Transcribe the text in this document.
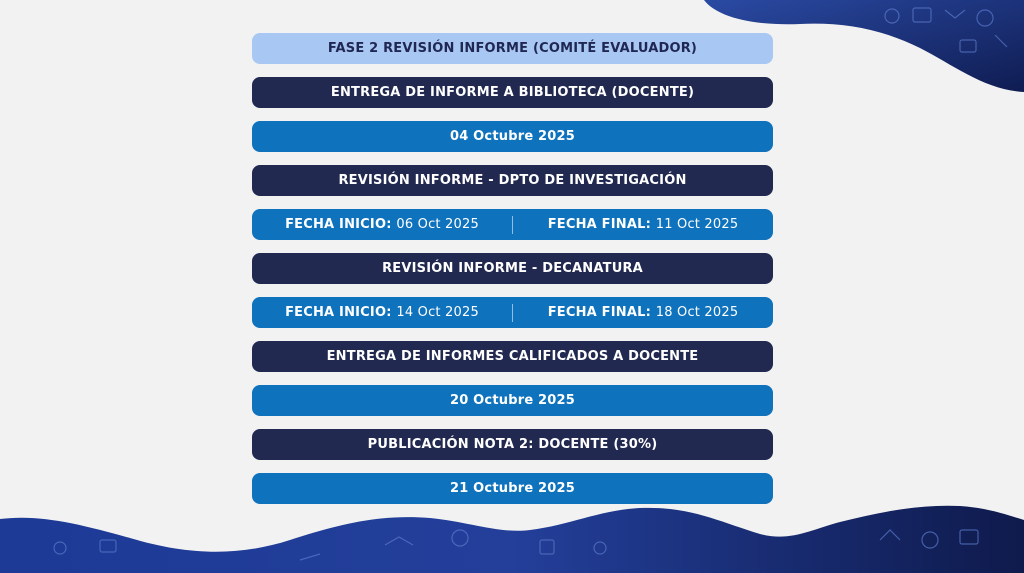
FASE 2 REVISIÓN INFORME (COMITÉ EVALUADOR)
ENTREGA DE INFORME A BIBLIOTECA (DOCENTE)
04 Octubre 2025
REVISIÓN INFORME - DPTO DE INVESTIGACIÓN
FECHA INICIO: 06 Oct 2025	FECHA FINAL: 11 Oct 2025
REVISIÓN INFORME - DECANATURA
FECHA INICIO: 14 Oct 2025	FECHA FINAL: 18 Oct 2025
ENTREGA DE INFORMES CALIFICADOS A DOCENTE
20 Octubre 2025
PUBLICACIÓN NOTA 2: DOCENTE (30%)
21 Octubre 2025
